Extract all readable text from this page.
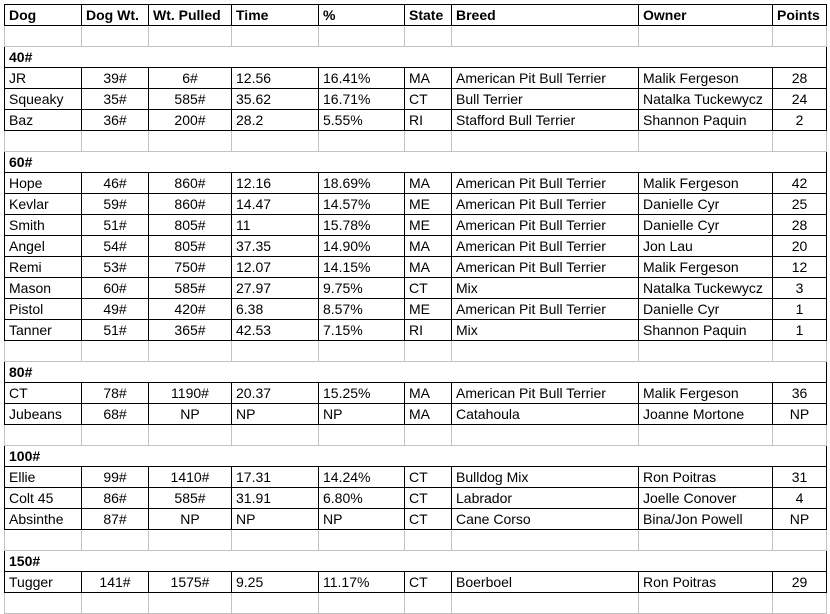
Dog	Dog Wt.	Wt. Pulled	Time	%	State	Breed	Owner	Points

40#								
JR	39#	6#	12.56	16.41%	MA	American Pit Bull Terrier	Malik Fergeson	28
Squeaky	35#	585#	35.62	16.71%	CT	Bull Terrier	Natalka Tuckewycz	24
Baz	36#	200#	28.2	5.55%	RI	Stafford Bull Terrier	Shannon Paquin	2

60#								
Hope	46#	860#	12.16	18.69%	MA	American Pit Bull Terrier	Malik Fergeson	42
Kevlar	59#	860#	14.47	14.57%	ME	American Pit Bull Terrier	Danielle Cyr	25
Smith	51#	805#	11	15.78%	ME	American Pit Bull Terrier	Danielle Cyr	28
Angel	54#	805#	37.35	14.90%	MA	American Pit Bull Terrier	Jon Lau	20
Remi	53#	750#	12.07	14.15%	MA	American Pit Bull Terrier	Malik Fergeson	12
Mason	60#	585#	27.97	9.75%	CT	Mix	Natalka Tuckewycz	3
Pistol	49#	420#	6.38	8.57%	ME	American Pit Bull Terrier	Danielle Cyr	1
Tanner	51#	365#	42.53	7.15%	RI	Mix	Shannon Paquin	1

80#								
CT	78#	1190#	20.37	15.25%	MA	American Pit Bull Terrier	Malik Fergeson	36
Jubeans	68#	NP	NP	NP	MA	Catahoula	Joanne Mortone	NP

100#								
Ellie	99#	1410#	17.31	14.24%	CT	Bulldog Mix	Ron Poitras	31
Colt 45	86#	585#	31.91	6.80%	CT	Labrador	Joelle Conover	4
Absinthe	87#	NP	NP	NP	CT	Cane Corso	Bina/Jon Powell	NP

150#								
Tugger	141#	1575#	9.25	11.17%	CT	Boerboel	Ron Poitras	29
